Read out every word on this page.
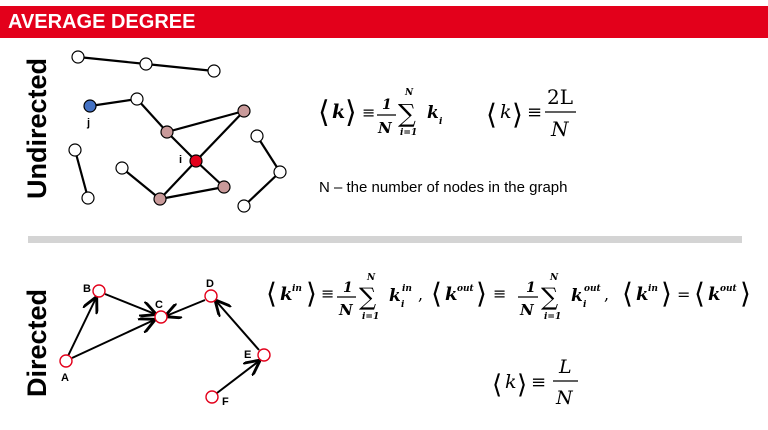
AVERAGE DEGREE
Undirected
Directed
j
i
⟨ k ⟩ ≡ 1
N
N
∑
i=1
k i ⟨ k ⟩ ≡
2L
N
A
B
C
D
E
F
⟨ k in ⟩ ≡ 1
N
N
∑
i=1
k in
i
, ⟨ k out ⟩ ≡ 1
N
N
∑
i=1
k out
i
, ⟨ k in ⟩ = ⟨ k out ⟩
⟨ k ⟩ ≡
L
N
N – the number of nodes in the graph
